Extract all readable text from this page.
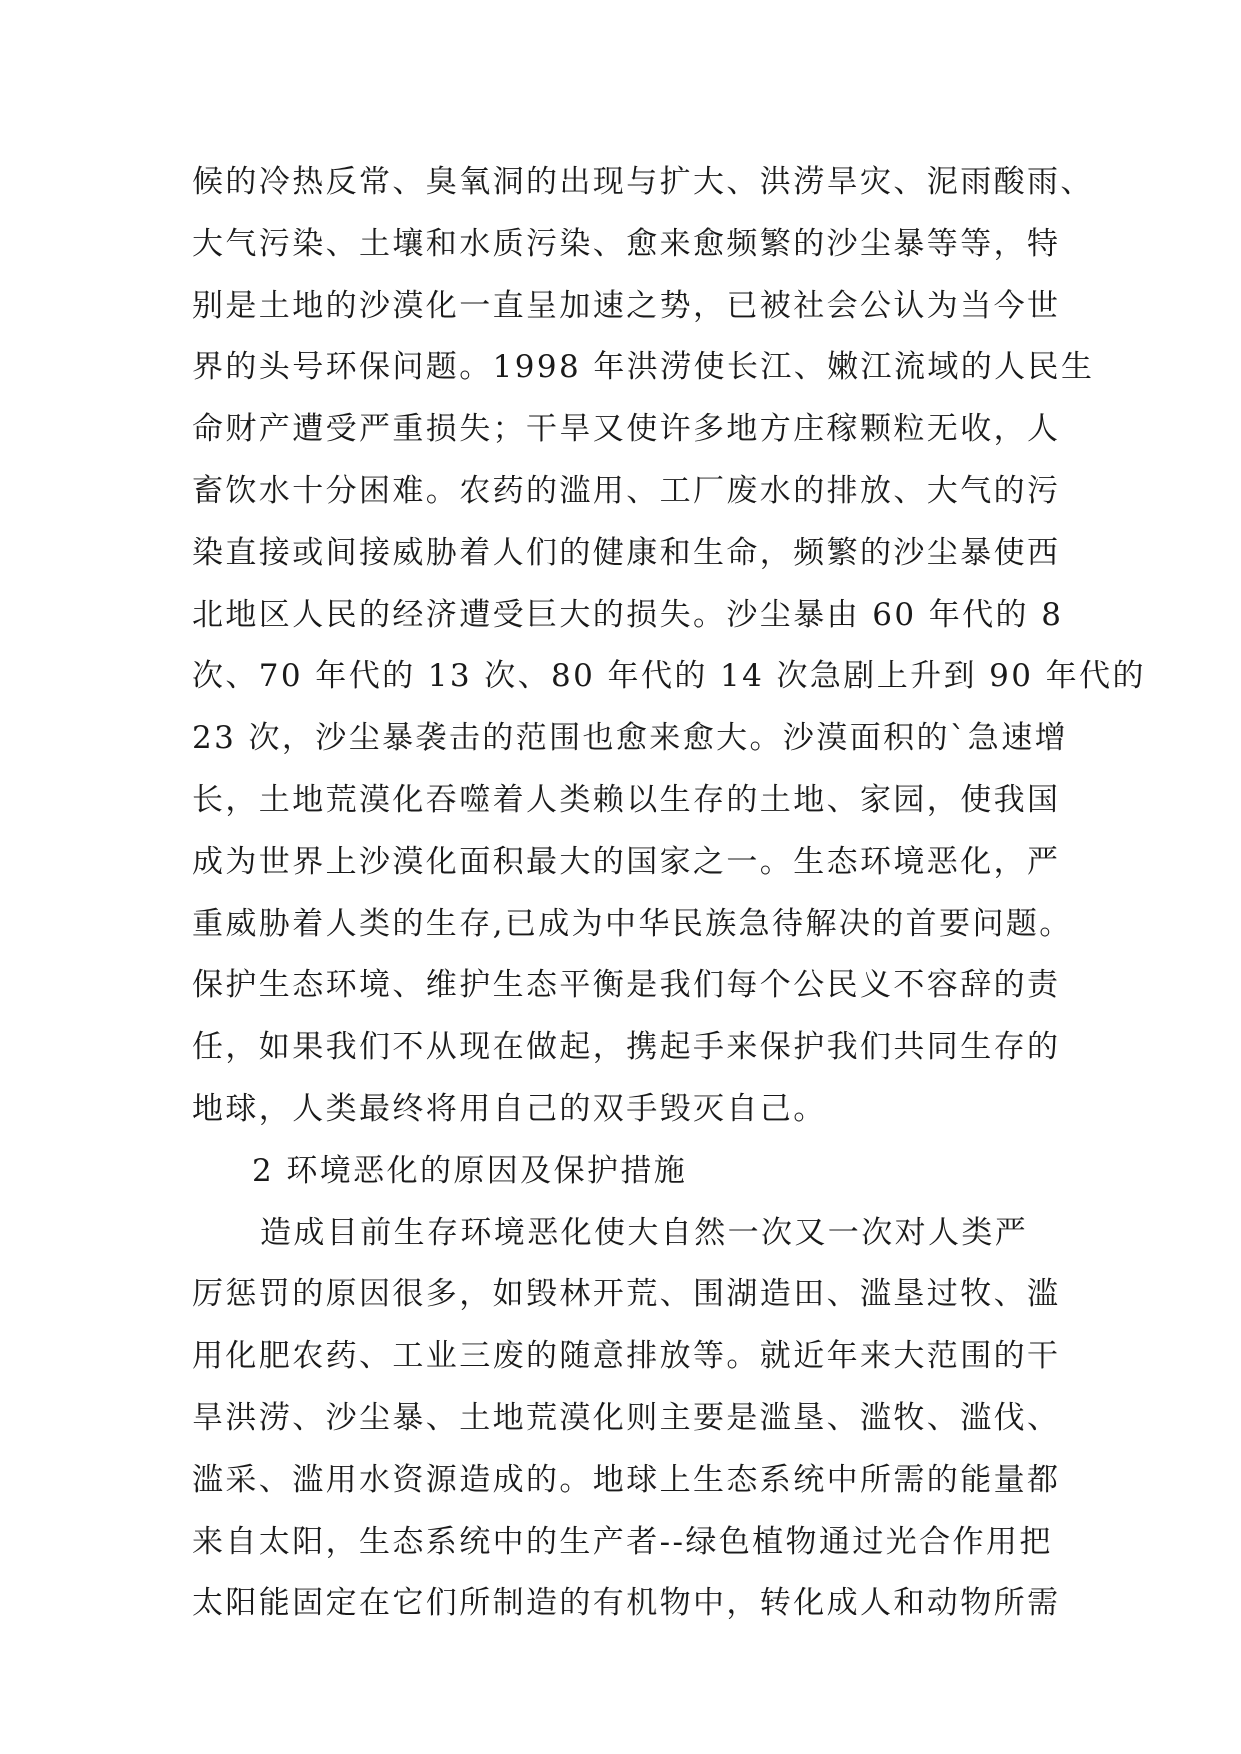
候的冷热反常、臭氧洞的出现与扩大、洪涝旱灾、泥雨酸雨、
大气污染、土壤和水质污染、愈来愈频繁的沙尘暴等等，特
别是土地的沙漠化一直呈加速之势，已被社会公认为当今世
界的头号环保问题。1998 年洪涝使长江、嫩江流域的人民生
命财产遭受严重损失；干旱又使许多地方庄稼颗粒无收，人
畜饮水十分困难。农药的滥用、工厂废水的排放、大气的污
染直接或间接威胁着人们的健康和生命，频繁的沙尘暴使西
北地区人民的经济遭受巨大的损失。沙尘暴由 60 年代的 8
次、70 年代的 13 次、80 年代的 14 次急剧上升到 90 年代的
23 次，沙尘暴袭击的范围也愈来愈大。沙漠面积的`急速增
长，土地荒漠化吞噬着人类赖以生存的土地、家园，使我国
成为世界上沙漠化面积最大的国家之一。生态环境恶化，严
重威胁着人类的生存,已成为中华民族急待解决的首要问题。
保护生态环境、维护生态平衡是我们每个公民义不容辞的责
任，如果我们不从现在做起，携起手来保护我们共同生存的
地球，人类最终将用自己的双手毁灭自己。
2 环境恶化的原因及保护措施
造成目前生存环境恶化使大自然一次又一次对人类严
厉惩罚的原因很多，如毁林开荒、围湖造田、滥垦过牧、滥
用化肥农药、工业三废的随意排放等。就近年来大范围的干
旱洪涝、沙尘暴、土地荒漠化则主要是滥垦、滥牧、滥伐、
滥采、滥用水资源造成的。地球上生态系统中所需的能量都
来自太阳，生态系统中的生产者--绿色植物通过光合作用把
太阳能固定在它们所制造的有机物中，转化成人和动物所需
